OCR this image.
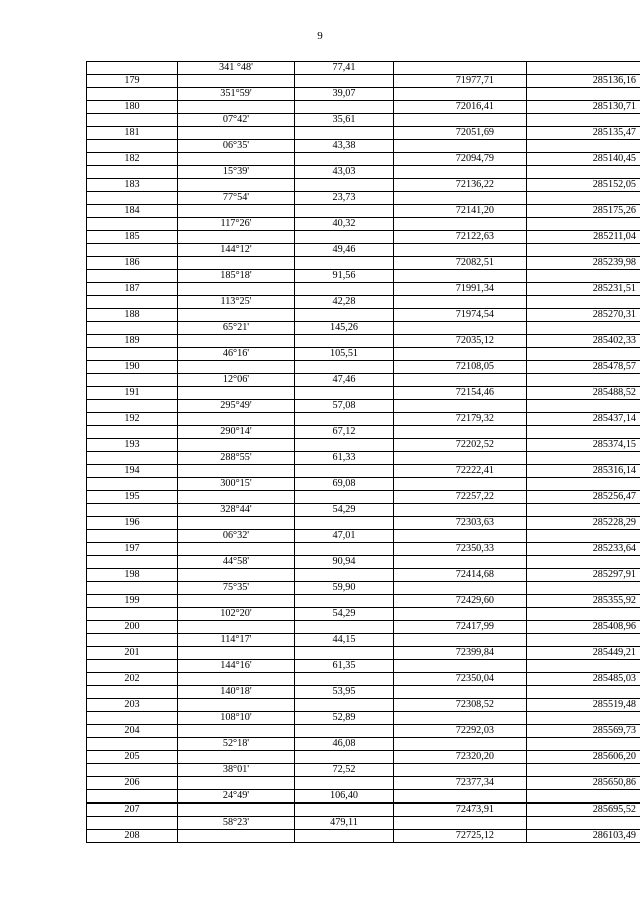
9
	341 °48'	77,41		
179			71977,71	285136,16
	351°59'	39,07		
180			72016,41	285130,71
	07°42'	35,61		
181			72051,69	285135,47
	06°35'	43,38		
182			72094,79	285140,45
	15°39'	43,03		
183			72136,22	285152,05
	77°54'	23,73		
184			72141,20	285175,26
	117°26'	40,32		
185			72122,63	285211,04
	144°12'	49,46		
186			72082,51	285239,98
	185°18'	91,56		
187			71991,34	285231,51
	113°25'	42,28		
188			71974,54	285270,31
	65°21'	145,26		
189			72035,12	285402,33
	46°16'	105,51		
190			72108,05	285478,57
	12°06'	47,46		
191			72154,46	285488,52
	295°49'	57,08		
192			72179,32	285437,14
	290°14'	67,12		
193			72202,52	285374,15
	288°55'	61,33		
194			72222,41	285316,14
	300°15'	69,08		
195			72257,22	285256,47
	328°44'	54,29		
196			72303,63	285228,29
	06°32'	47,01		
197			72350,33	285233,64
	44°58'	90,94		
198			72414,68	285297,91
	75°35'	59,90		
199			72429,60	285355,92
	102°20'	54,29		
200			72417,99	285408,96
	114°17'	44,15		
201			72399,84	285449,21
	144°16'	61,35		
202			72350,04	285485,03
	140°18'	53,95		
203			72308,52	285519,48
	108°10'	52,89		
204			72292,03	285569,73
	52°18'	46,08		
205			72320,20	285606,20
	38°01'	72,52		
206			72377,34	285650,86
	24°49'	106,40		
207			72473,91	285695,52
	58°23'	479,11		
208			72725,12	286103,49
